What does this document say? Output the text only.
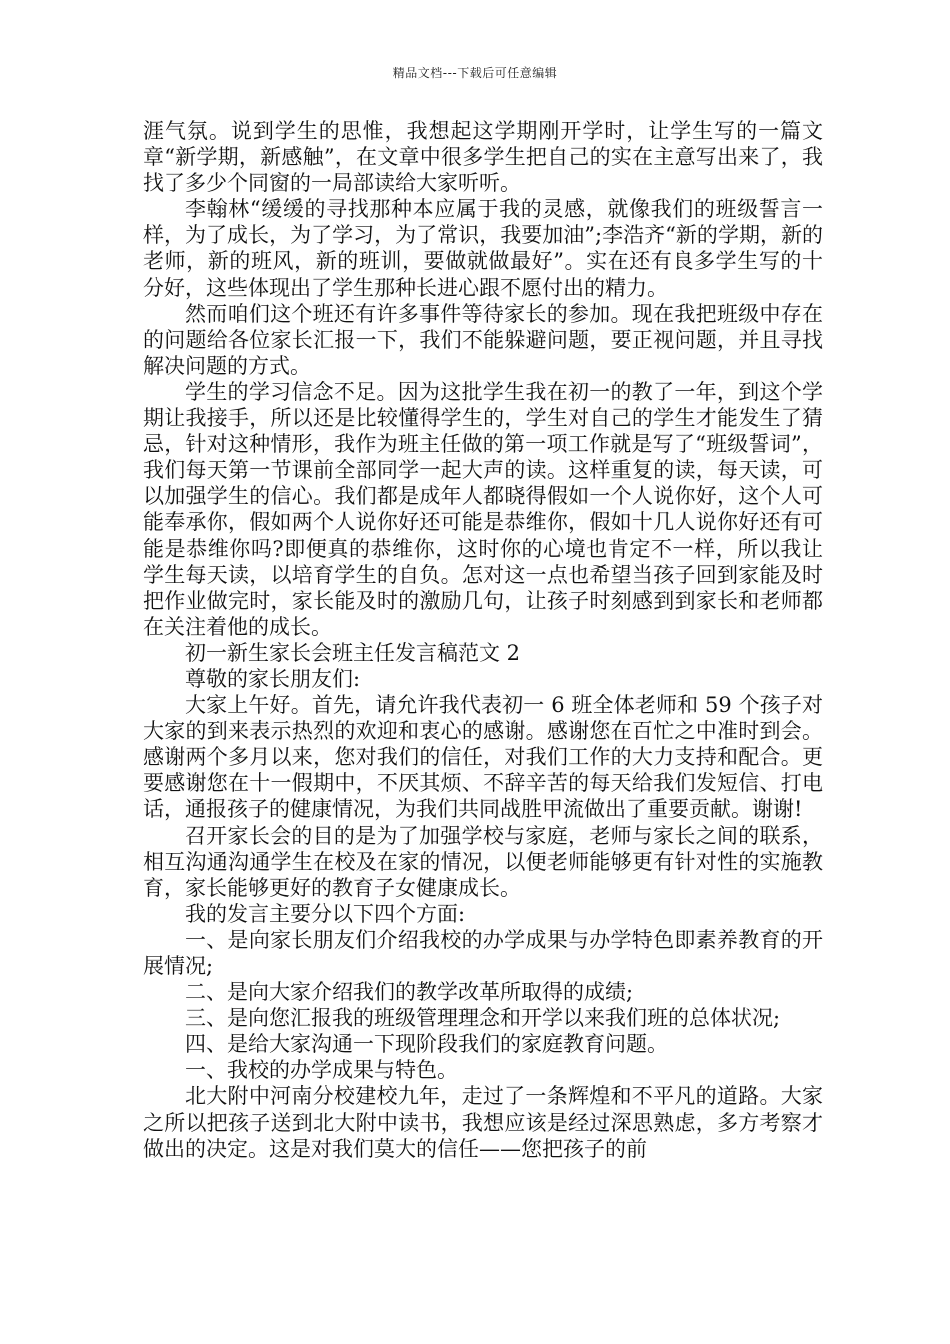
精品文档---下载后可任意编辑

涯气氛。说到学生的思惟，我想起这学期刚开学时，让学生写的一篇文章“新学期，新感触”，在文章中很多学生把自己的实在主意写出来了，我找了多少个同窗的一局部读给大家听听。

李翰林“缓缓的寻找那种本应属于我的灵感，就像我们的班级誓言一样，为了成长，为了学习，为了常识，我要加油”;李浩齐“新的学期，新的老师，新的班风，新的班训，要做就做最好”。实在还有良多学生写的十分好，这些体现出了学生那种长进心跟不愿付出的精力。

然而咱们这个班还有许多事件等待家长的参加。现在我把班级中存在的问题给各位家长汇报一下，我们不能躲避问题，要正视问题，并且寻找解决问题的方式。

学生的学习信念不足。因为这批学生我在初一的教了一年，到这个学期让我接手，所以还是比较懂得学生的，学生对自己的学生才能发生了猜忌，针对这种情形，我作为班主任做的第一项工作就是写了“班级誓词”，我们每天第一节课前全部同学一起大声的读。这样重复的读，每天读，可以加强学生的信心。我们都是成年人都晓得假如一个人说你好，这个人可能奉承你，假如两个人说你好还可能是恭维你，假如十几人说你好还有可能是恭维你吗?即便真的恭维你，这时你的心境也肯定不一样，所以我让学生每天读，以培育学生的自负。怎对这一点也希望当孩子回到家能及时把作业做完时，家长能及时的激励几句，让孩子时刻感到到家长和老师都在关注着他的成长。

初一新生家长会班主任发言稿范文 2

尊敬的家长朋友们:

大家上午好。首先，请允许我代表初一 6 班全体老师和 59 个孩子对大家的到来表示热烈的欢迎和衷心的感谢。感谢您在百忙之中准时到会。感谢两个多月以来，您对我们的信任，对我们工作的大力支持和配合。更要感谢您在十一假期中，不厌其烦、不辞辛苦的每天给我们发短信、打电话，通报孩子的健康情况，为我们共同战胜甲流做出了重要贡献。谢谢!

召开家长会的目的是为了加强学校与家庭，老师与家长之间的联系，相互沟通沟通学生在校及在家的情况，以便老师能够更有针对性的实施教育，家长能够更好的教育子女健康成长。

我的发言主要分以下四个方面:

一、是向家长朋友们介绍我校的办学成果与办学特色即素养教育的开展情况;

二、是向大家介绍我们的教学改革所取得的成绩;

三、是向您汇报我的班级管理理念和开学以来我们班的总体状况;

四、是给大家沟通一下现阶段我们的家庭教育问题。

一、我校的办学成果与特色。

北大附中河南分校建校九年，走过了一条辉煌和不平凡的道路。大家之所以把孩子送到北大附中读书，我想应该是经过深思熟虑，多方考察才做出的决定。这是对我们莫大的信任——您把孩子的前
